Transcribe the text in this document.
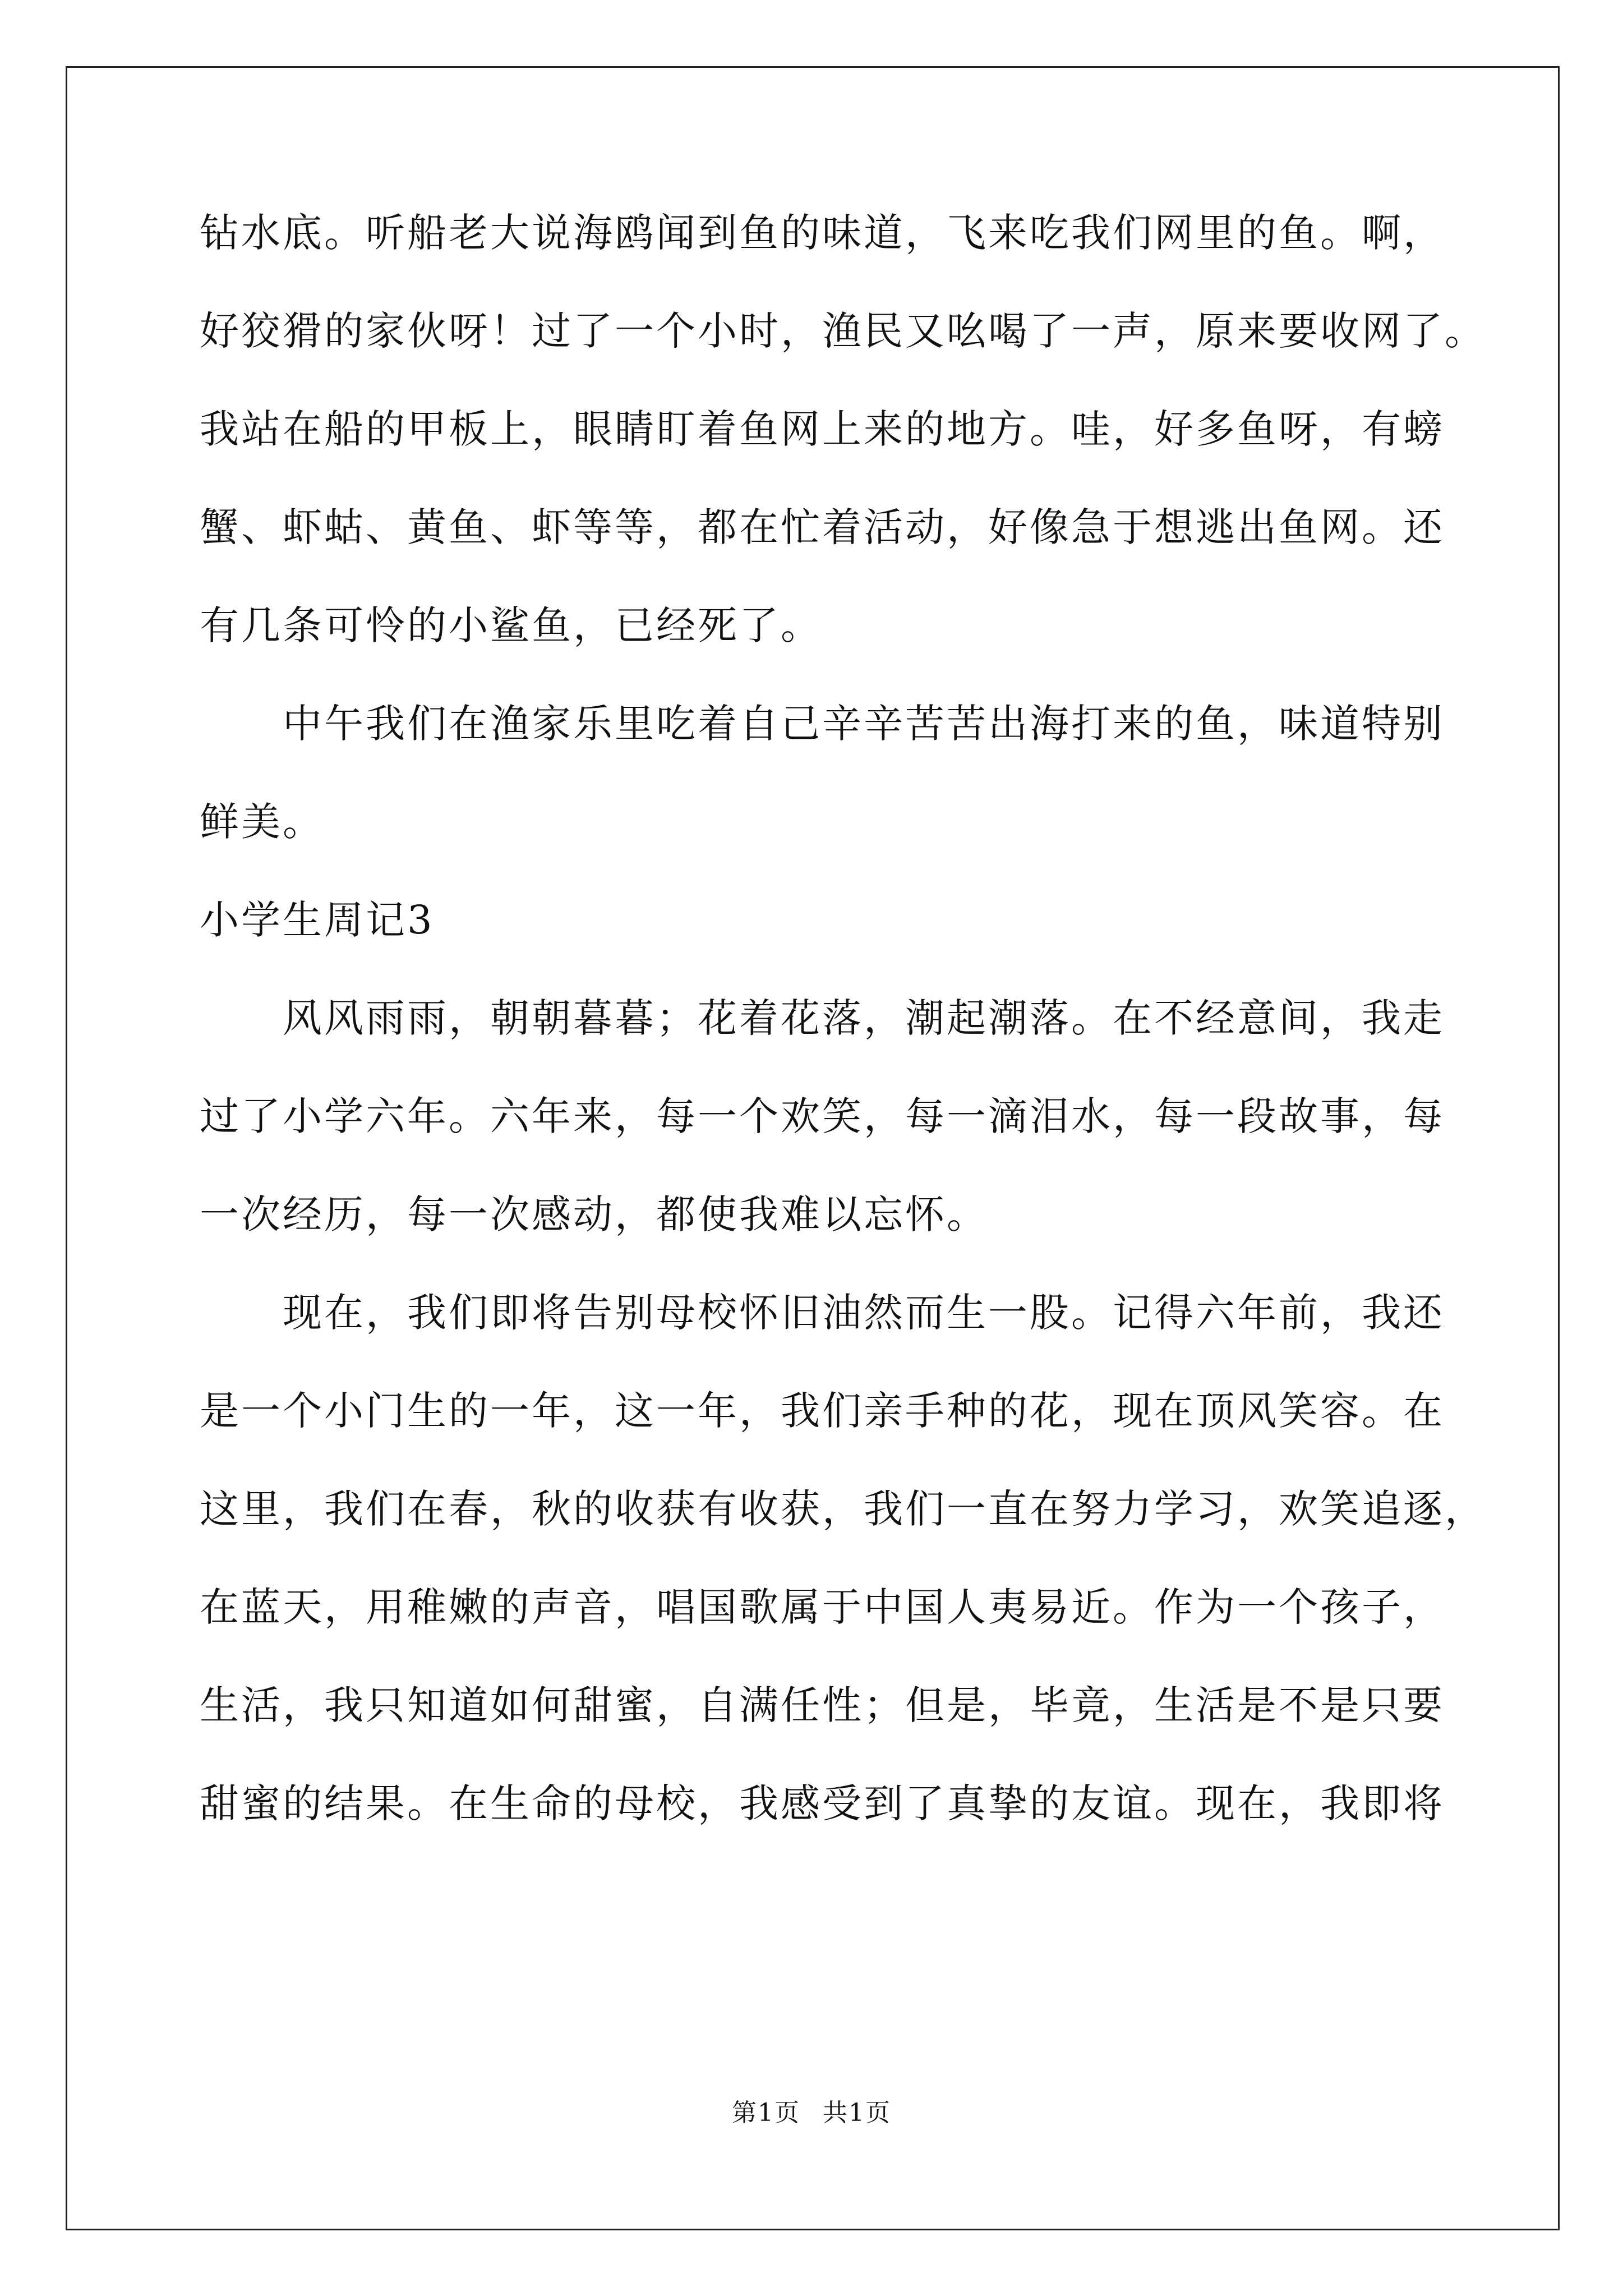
钻水底。听船老大说海鸥闻到鱼的味道，飞来吃我们网里的鱼。啊，
好狡猾的家伙呀！过了一个小时，渔民又吆喝了一声，原来要收网了。
我站在船的甲板上，眼睛盯着鱼网上来的地方。哇，好多鱼呀，有螃
蟹、虾蛄、黄鱼、虾等等，都在忙着活动，好像急于想逃出鱼网。还
有几条可怜的小鲨鱼，已经死了。
中午我们在渔家乐里吃着自己辛辛苦苦出海打来的鱼，味道特别
鲜美。
小学生周记3
风风雨雨，朝朝暮暮；花着花落，潮起潮落。在不经意间，我走
过了小学六年。六年来，每一个欢笑，每一滴泪水，每一段故事，每
一次经历，每一次感动，都使我难以忘怀。
现在，我们即将告别母校怀旧油然而生一股。记得六年前，我还
是一个小门生的一年，这一年，我们亲手种的花，现在顶风笑容。在
这里，我们在春，秋的收获有收获，我们一直在努力学习，欢笑追逐，
在蓝天，用稚嫩的声音，唱国歌属于中国人夷易近。作为一个孩子，
生活，我只知道如何甜蜜，自满任性；但是，毕竟，生活是不是只要
甜蜜的结果。在生命的母校，我感受到了真挚的友谊。现在，我即将
第1页 共1页
